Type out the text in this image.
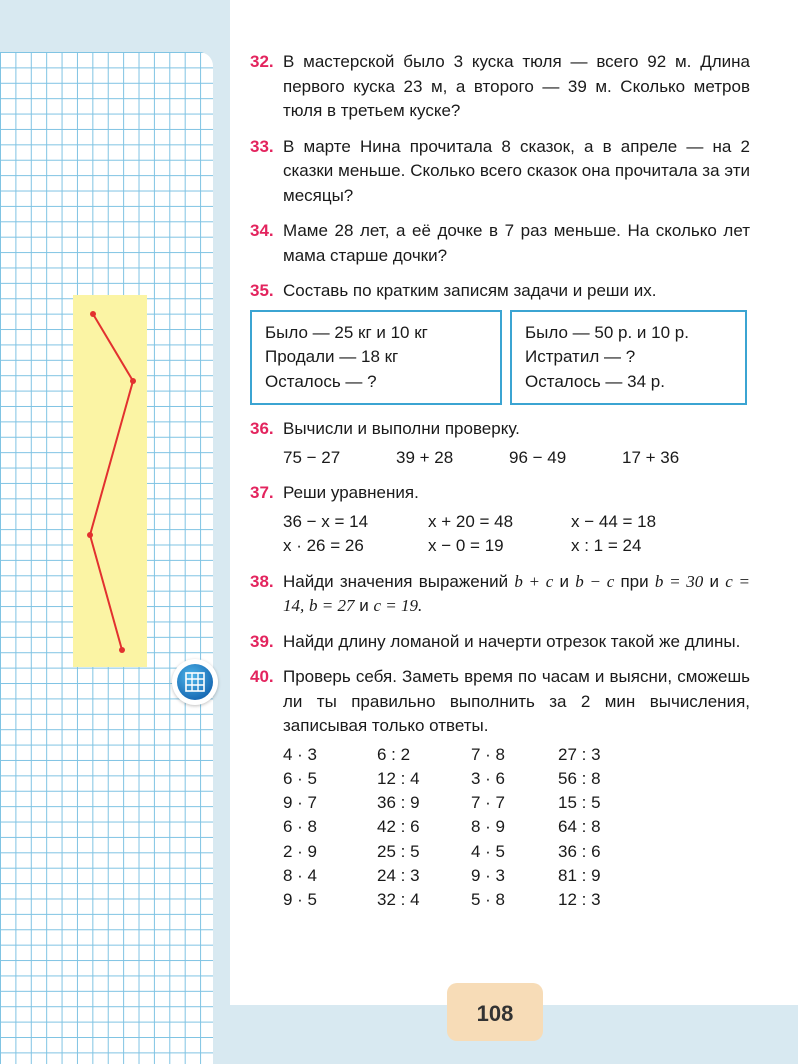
108
32. В мастерской было 3 куска тюля — всего 92 м. Длина первого куска 23 м, а второго — 39 м. Сколько метров тюля в третьем куске?
33. В марте Нина прочитала 8 сказок, а в апреле — на 2 сказки меньше. Сколько всего сказок она прочитала за эти месяцы?
34. Маме 28 лет, а её дочке в 7 раз меньше. На сколько лет мама старше дочки?
35. Составь по кратким записям задачи и реши их.
Было — 25 кг и 10 кг
Продали — 18 кг
Осталось — ?
Было — 50 р. и 10 р.
Истратил — ?
Осталось — 34 р.
36. Вычисли и выполни проверку.
75 − 27	39 + 28	96 − 49	17 + 36
37. Реши уравнения.
36 − x = 14	x + 20 = 48	x − 44 = 18
x · 26 = 26	x − 0 = 19	x : 1 = 24
38. Найди значения выражений b + c и b − c при b = 30 и c = 14, b = 27 и c = 19.
39. Найди длину ломаной и начерти отрезок такой же длины.
40. Проверь себя. Заметь время по часам и выясни, сможешь ли ты правильно выполнить за 2 мин вычисления, записывая только ответы.
4 · 3	6 : 2	7 · 8	27 : 3
6 · 5	12 : 4	3 · 6	56 : 8
9 · 7	36 : 9	7 · 7	15 : 5
6 · 8	42 : 6	8 · 9	64 : 8
2 · 9	25 : 5	4 · 5	36 : 6
8 · 4	24 : 3	9 · 3	81 : 9
9 · 5	32 : 4	5 · 8	12 : 3
